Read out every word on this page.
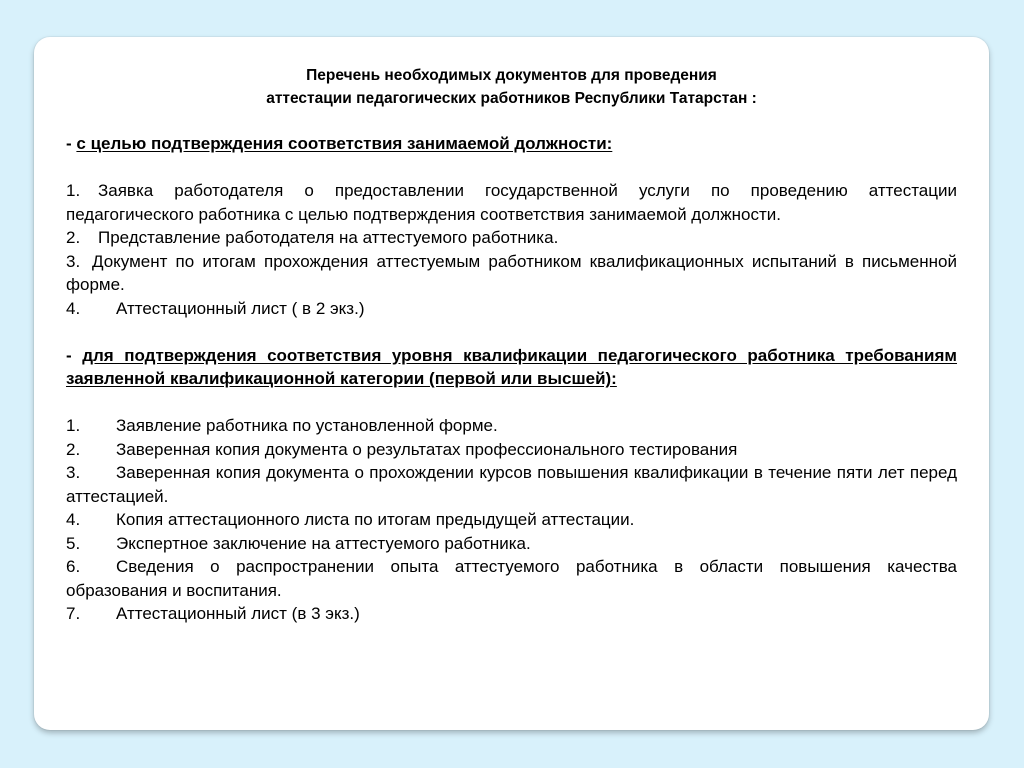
Перечень необходимых документов для проведения
аттестации педагогических работников Республики Татарстан :
- с целью подтверждения соответствия занимаемой должности:
1. Заявка работодателя о предоставлении государственной услуги по проведению аттестации педагогического работника с целью подтверждения соответствия занимаемой должности.
2. Представление работодателя на аттестуемого работника.
3. Документ по итогам прохождения аттестуемым работником квалификационных испытаний в письменной форме.
4. Аттестационный лист ( в 2 экз.)
- для подтверждения соответствия уровня квалификации педагогического работника требованиям заявленной квалификационной категории (первой или высшей):
1. Заявление работника по установленной форме.
2. Заверенная копия документа о результатах профессионального тестирования
3. Заверенная копия документа о прохождении курсов повышения квалификации в течение пяти лет перед аттестацией.
4. Копия аттестационного листа по итогам предыдущей аттестации.
5. Экспертное заключение на аттестуемого работника.
6. Сведения о распространении опыта аттестуемого работника в области повышения качества образования и воспитания.
7. Аттестационный лист (в 3 экз.)
